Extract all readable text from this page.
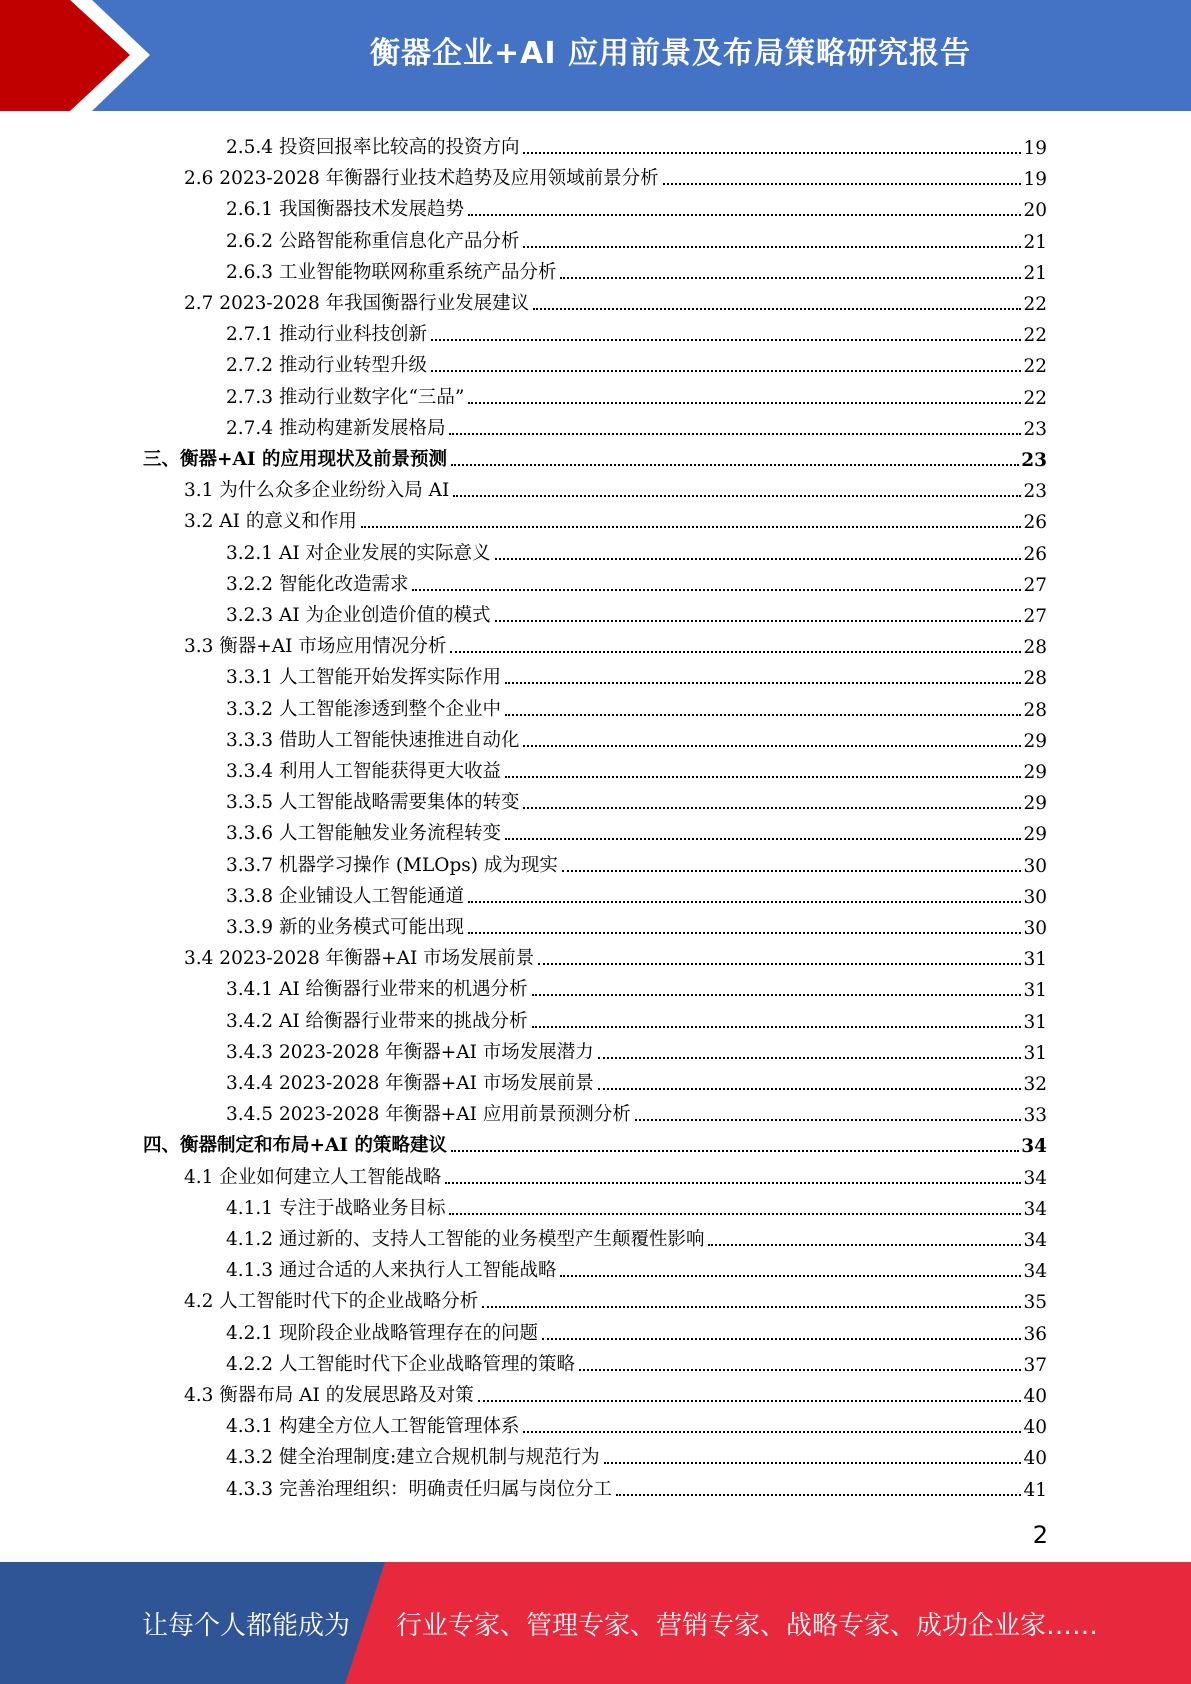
衡器企业+AI 应用前景及布局策略研究报告
2.5.4 投资回报率比较高的投资方向	19
2.6 2023-2028 年衡器行业技术趋势及应用领域前景分析	19
2.6.1 我国衡器技术发展趋势	20
2.6.2 公路智能称重信息化产品分析	21
2.6.3 工业智能物联网称重系统产品分析	21
2.7 2023-2028 年我国衡器行业发展建议	22
2.7.1 推动行业科技创新	22
2.7.2 推动行业转型升级	22
2.7.3 推动行业数字化“三品”	22
2.7.4 推动构建新发展格局	23
三、衡器+AI 的应用现状及前景预测	23
3.1 为什么众多企业纷纷入局 AI	23
3.2 AI 的意义和作用	26
3.2.1 AI 对企业发展的实际意义	26
3.2.2 智能化改造需求	27
3.2.3 AI 为企业创造价值的模式	27
3.3 衡器+AI 市场应用情况分析	28
3.3.1 人工智能开始发挥实际作用	28
3.3.2 人工智能渗透到整个企业中	28
3.3.3 借助人工智能快速推进自动化	29
3.3.4 利用人工智能获得更大收益	29
3.3.5 人工智能战略需要集体的转变	29
3.3.6 人工智能触发业务流程转变	29
3.3.7 机器学习操作 (MLOps) 成为现实	30
3.3.8 企业铺设人工智能通道	30
3.3.9 新的业务模式可能出现	30
3.4 2023-2028 年衡器+AI 市场发展前景	31
3.4.1 AI 给衡器行业带来的机遇分析	31
3.4.2 AI 给衡器行业带来的挑战分析	31
3.4.3 2023-2028 年衡器+AI 市场发展潜力	31
3.4.4 2023-2028 年衡器+AI 市场发展前景	32
3.4.5 2023-2028 年衡器+AI 应用前景预测分析	33
四、衡器制定和布局+AI 的策略建议	34
4.1 企业如何建立人工智能战略	34
4.1.1 专注于战略业务目标	34
4.1.2 通过新的、支持人工智能的业务模型产生颠覆性影响	34
4.1.3 通过合适的人来执行人工智能战略	34
4.2 人工智能时代下的企业战略分析	35
4.2.1 现阶段企业战略管理存在的问题	36
4.2.2 人工智能时代下企业战略管理的策略	37
4.3 衡器布局 AI 的发展思路及对策	40
4.3.1 构建全方位人工智能管理体系	40
4.3.2 健全治理制度:建立合规机制与规范行为	40
4.3.3 完善治理组织：明确责任归属与岗位分工	41
2
让每个人都能成为 行业专家、管理专家、营销专家、战略专家、成功企业家……
